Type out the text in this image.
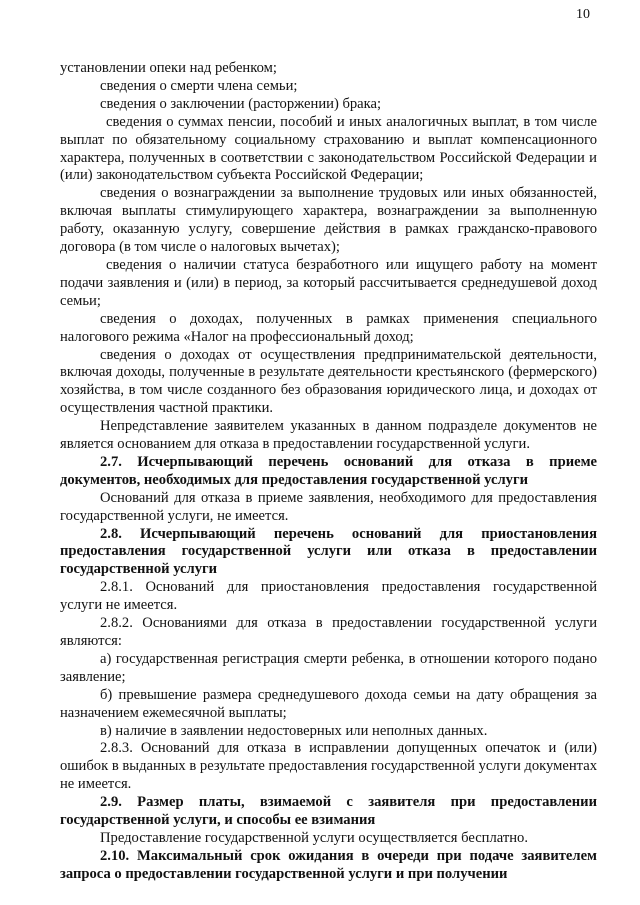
10

установлении опеки над ребенком;

сведения о смерти члена семьи;

сведения о заключении (расторжении) брака;

сведения о суммах пенсии, пособий и иных аналогичных выплат, в том числе выплат по обязательному социальному страхованию и выплат компенсационного характера, полученных в соответствии с законодательством Российской Федерации и (или) законодательством субъекта Российской Федерации;

сведения о вознаграждении за выполнение трудовых или иных обязанностей, включая выплаты стимулирующего характера, вознаграждении за выполненную работу, оказанную услугу, совершение действия в рамках гражданско-правового договора (в том числе о налоговых вычетах);

сведения о наличии статуса безработного или ищущего работу на момент подачи заявления и (или) в период, за который рассчитывается среднедушевой доход семьи;

сведения о доходах, полученных в рамках применения специального налогового режима «Налог на профессиональный доход;

сведения о доходах от осуществления предпринимательской деятельности, включая доходы, полученные в результате деятельности крестьянского (фермерского) хозяйства, в том числе созданного без образования юридического лица, и доходах от осуществления частной практики.

Непредставление заявителем указанных в данном подразделе документов не является основанием для отказа в предоставлении государственной услуги.

2.7. Исчерпывающий перечень оснований для отказа в приеме документов, необходимых для предоставления государственной услуги

Оснований для отказа в приеме заявления, необходимого для предоставления государственной услуги, не имеется.

2.8. Исчерпывающий перечень оснований для приостановления предоставления государственной услуги или отказа в предоставлении государственной услуги

2.8.1. Оснований для приостановления предоставления государственной услуги не имеется.

2.8.2. Основаниями для отказа в предоставлении государственной услуги являются:

а) государственная регистрация смерти ребенка, в отношении которого подано заявление;

б) превышение размера среднедушевого дохода семьи на дату обращения за назначением ежемесячной выплаты;

в) наличие в заявлении недостоверных или неполных данных.

2.8.3. Оснований для отказа в исправлении допущенных опечаток и (или) ошибок в выданных в результате предоставления государственной услуги документах не имеется.

2.9. Размер платы, взимаемой с заявителя при предоставлении государственной услуги, и способы ее взимания

Предоставление государственной услуги осуществляется бесплатно.

2.10. Максимальный срок ожидания в очереди при подаче заявителем запроса о предоставлении государственной услуги и при получении
